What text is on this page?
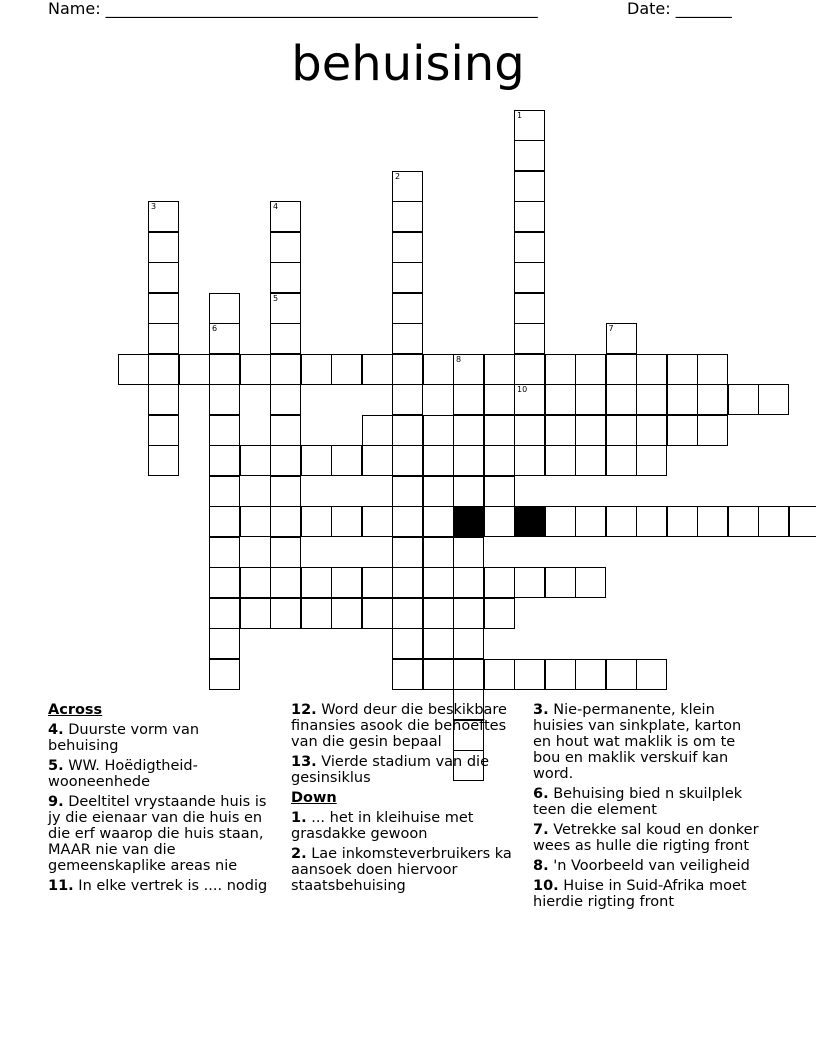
Name: ______________________________________________________	Date: _______
behuising
1
2
3	4
5
6	7
8
10
Across
4. Duurste vorm van behuising
5. WW. Hoëdigtheid-wooneenhede
9. Deeltitel vrystaande huis is jy die eienaar van die huis en die erf waarop die huis staan, MAAR nie van die gemeenskaplike areas nie
11. In elke vertrek is .... nodig
12. Word deur die beskikbare finansies asook die behoeftes van die gesin bepaal
13. Vierde stadium van die gesinsiklus
Down
1. ... het in kleihuise met grasdakke gewoon
2. Lae inkomsteverbruikers ka aansoek doen hiervoor staatsbehuising
3. Nie-permanente, klein huisies van sinkplate, karton en hout wat maklik is om te bou en maklik verskuif kan word.
6. Behuising bied n skuilplek teen die element
7. Vetrekke sal koud en donker wees as hulle die rigting front
8. 'n Voorbeeld van veiligheid
10. Huise in Suid-Afrika moet hierdie rigting front
